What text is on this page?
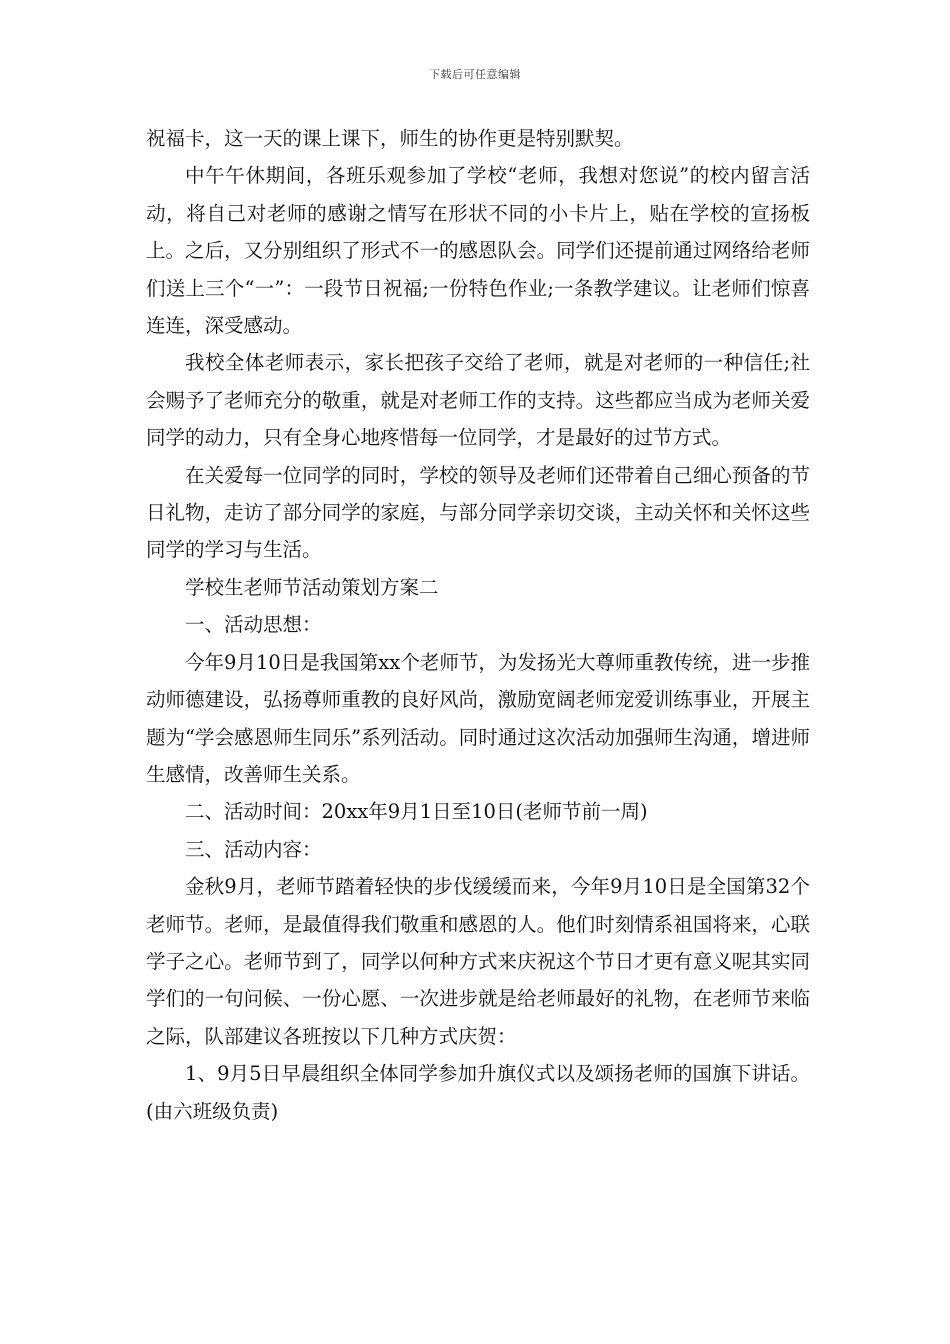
下载后可任意编辑

祝福卡，这一天的课上课下，师生的协作更是特别默契。

中午午休期间，各班乐观参加了学校“老师，我想对您说”的校内留言活动，将自己对老师的感谢之情写在形状不同的小卡片上，贴在学校的宣扬板上。之后，又分别组织了形式不一的感恩队会。同学们还提前通过网络给老师们送上三个“一”：一段节日祝福;一份特色作业;一条教学建议。让老师们惊喜连连，深受感动。

我校全体老师表示，家长把孩子交给了老师，就是对老师的一种信任;社会赐予了老师充分的敬重，就是对老师工作的支持。这些都应当成为老师关爱同学的动力，只有全身心地疼惜每一位同学，才是最好的过节方式。

在关爱每一位同学的同时，学校的领导及老师们还带着自己细心预备的节日礼物，走访了部分同学的家庭，与部分同学亲切交谈，主动关怀和关怀这些同学的学习与生活。

学校生老师节活动策划方案二

一、活动思想：

今年9月10日是我国第xx个老师节，为发扬光大尊师重教传统，进一步推动师德建设，弘扬尊师重教的良好风尚，激励宽阔老师宠爱训练事业，开展主题为“学会感恩师生同乐”系列活动。同时通过这次活动加强师生沟通，增进师生感情，改善师生关系。

二、活动时间：20xx年9月1日至10日(老师节前一周)

三、活动内容：

金秋9月，老师节踏着轻快的步伐缓缓而来，今年9月10日是全国第32个老师节。老师，是最值得我们敬重和感恩的人。他们时刻情系祖国将来，心联学子之心。老师节到了，同学以何种方式来庆祝这个节日才更有意义呢其实同学们的一句问候、一份心愿、一次进步就是给老师最好的礼物，在老师节来临之际，队部建议各班按以下几种方式庆贺：

1、9月5日早晨组织全体同学参加升旗仪式以及颂扬老师的国旗下讲话。(由六班级负责)
